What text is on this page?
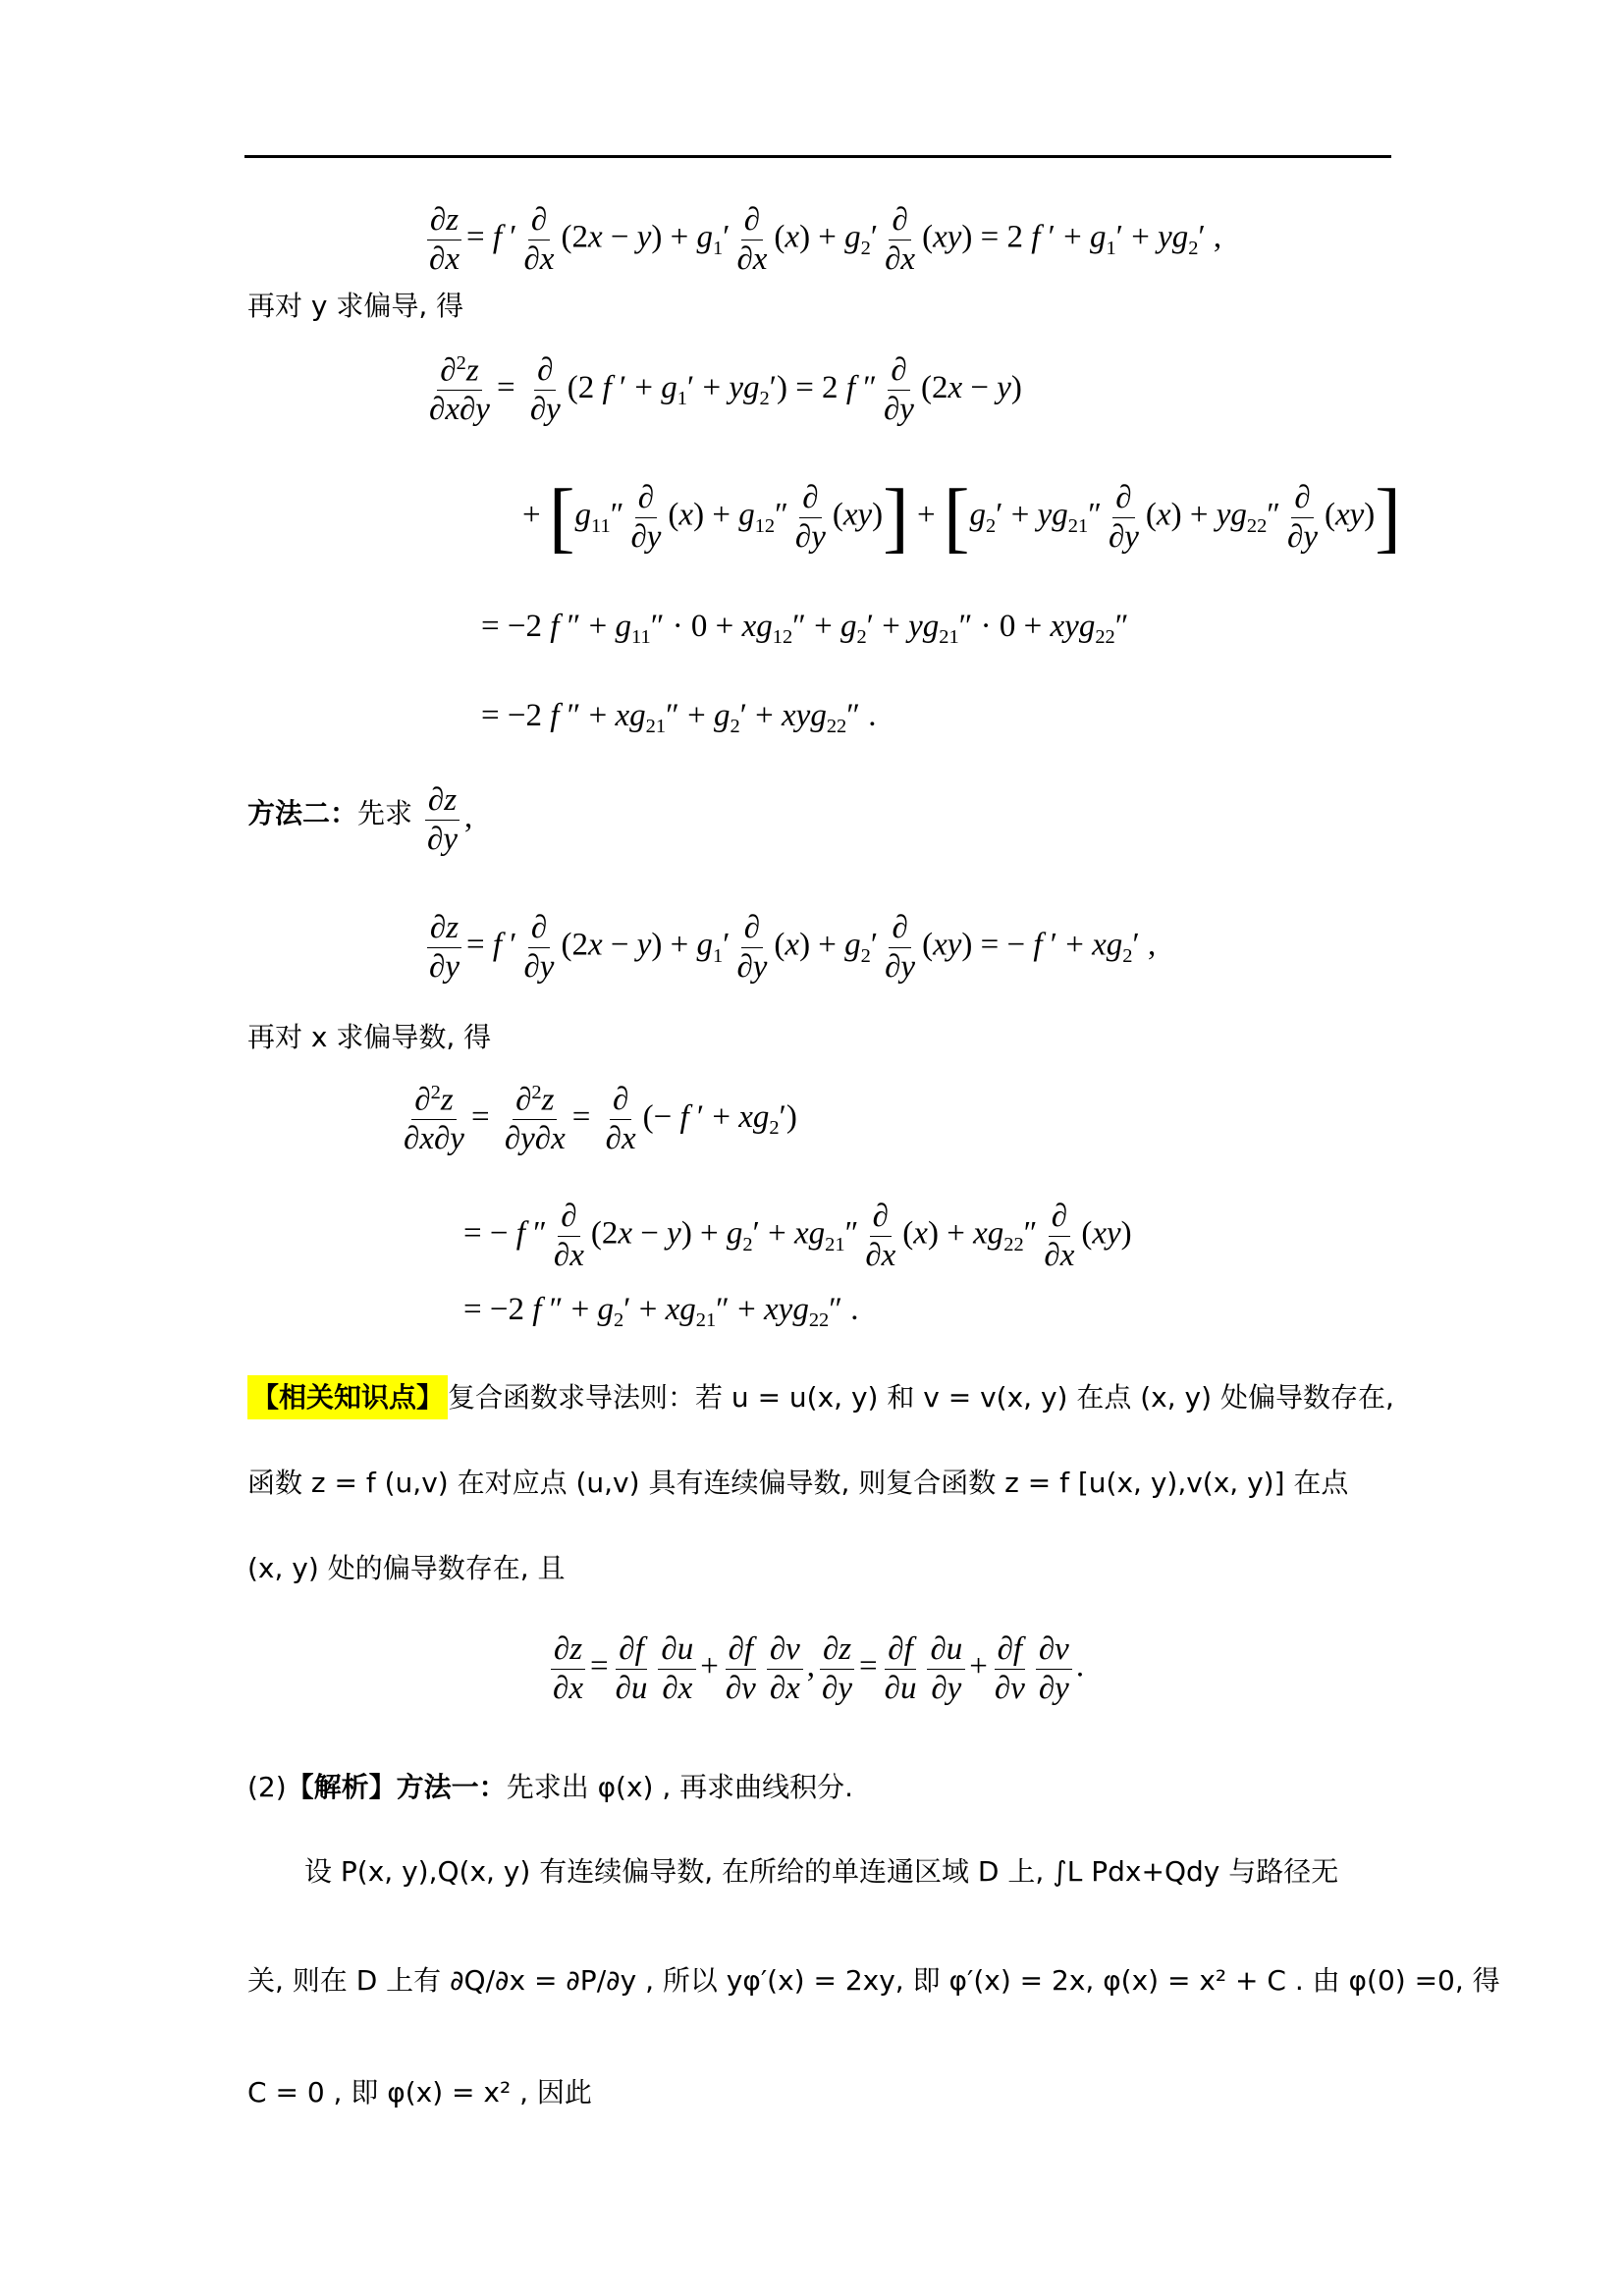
$\frac{\partial z}{\partial x} = f$ ′ ∂
∂x
$(2x - y) + g_1'$ ∂
∂x
$(x) + g_2'$ ∂
∂x
(xy) = 2 f ′ + $g_1' + yg_2'$ ,
再对 y 求偏导, 得
$\frac{\partial^2z}{\partial x\partial y}$ = ∂
∂y
(2 f ′ + $g_1' + yg_2') = 2$ f ″ ∂
∂y
(2x − y)
+ [$g_{11}''$ ∂
∂y
$(x) + g_{12}''$ ∂
∂y
$(xy)] + [g_2' + yg_{21}''$ ∂
∂y
$(x) + yg_{22}''$ ∂
∂y
(xy)]
= −2 f ″ + $g_{11}'' \cdot 0 + xg_{12}'' + g_2' + yg_{21}'' \cdot 0 + xyg_{22}''$
= −2 f ″ + $xg_{21}'' + g_2' + xyg_{22}''$ .
方法二：先求 $\frac{\partial z}{\partial y}$ ,
$\frac{\partial z}{\partial y} = f$ ′ ∂
∂y
$(2x - y) + g_1'$ ∂
∂y
$(x) + g_2'$ ∂
∂y
(xy) = − f ′ + $xg_2'$ ,
再对 x 求偏导数, 得
$\frac{\partial^2z}{\partial x\partial y} = \frac{\partial^2z}{\partial y\partial x}$ = ∂
∂x
(− f ′ + $xg_2'$)
= − f ″ ∂
∂x
$(2x - y) + g_2' + xg_{21}''$ ∂
∂x
$(x) + xg_{22}''$ ∂
∂x
(xy)
= −2 f ″ + $g_2' + xg_{21}'' + xyg_{22}''$ .
【相关知识点】 复合函数求导法则：若 u = u(x, y) 和 v = v(x, y) 在点 (x, y) 处偏导数存在,
函数 z = f (u,v) 在对应点 (u,v) 具有连续偏导数, 则复合函数 z = f [u(x, y),v(x, y)] 在点
(x, y) 处的偏导数存在, 且
$\frac{\partial z}{\partial x} = \frac{\partial f}{\partial u} \frac{\partial u}{\partial x} + \frac{\partial f}{\partial v} \frac{\partial v}{\partial x}$ , $\frac{\partial z}{\partial y} = \frac{\partial f}{\partial u} \frac{\partial u}{\partial y} + \frac{\partial f}{\partial v} \frac{\partial v}{\partial y}$ .
(2)【解析】方法一：先求出 φ(x) , 再求曲线积分.
设 P(x, y),Q(x, y) 有连续偏导数, 在所给的单连通区域 D 上, ∫L Pdx+Qdy 与路径无
关, 则在 D 上有 ∂Q/∂x = ∂P/∂y , 所以 yφ′(x) = 2xy, 即 φ′(x) = 2x, φ(x) = x² + C . 由 φ(0) =0, 得
C = 0 , 即 φ(x) = x² , 因此
